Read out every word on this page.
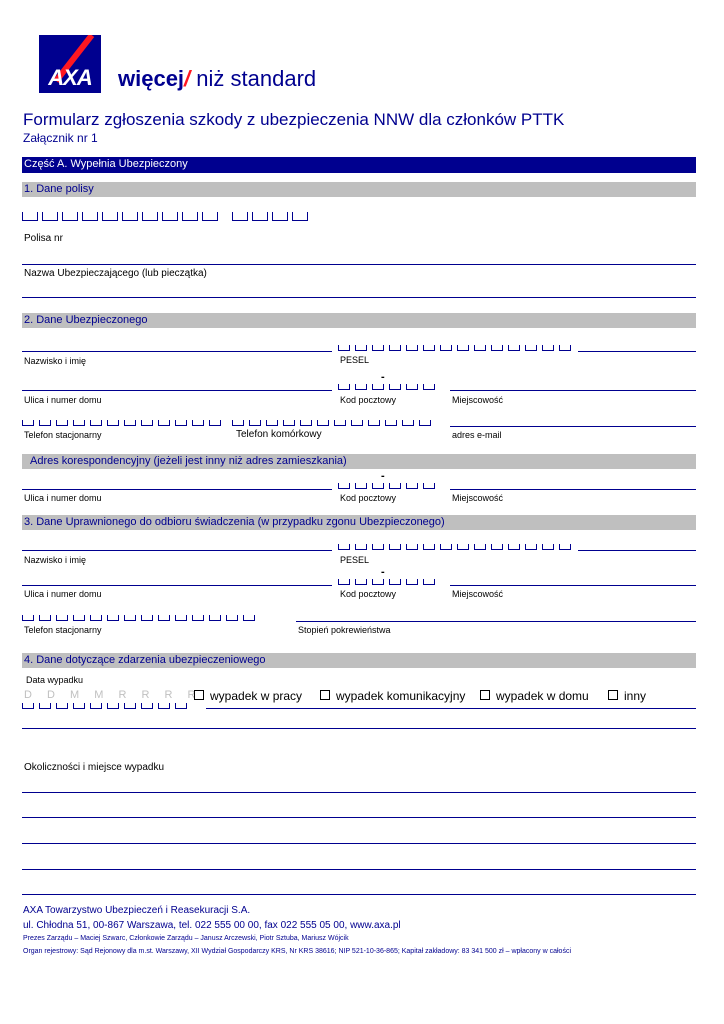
AXA	więcej/ niż standard
Formularz zgłoszenia szkody z ubezpieczenia NNW dla członków PTTK
Załącznik nr 1
Część A. Wypełnia Ubezpieczony
1. Dane polisy
Polisa nr
Nazwa Ubezpieczającego (lub pieczątka)
2. Dane Ubezpieczonego
Nazwisko i imię	PESEL
-
Ulica i numer domu	Kod pocztowy	Miejscowość
Telefon stacjonarny	Telefon komórkowy	adres e-mail
Adres korespondencyjny (jeżeli jest inny niż adres zamieszkania)
-
Ulica i numer domu	Kod pocztowy	Miejscowość
3. Dane Uprawnionego do odbioru świadczenia (w przypadku zgonu Ubezpieczonego)
Nazwisko i imię	PESEL
-
Ulica i numer domu	Kod pocztowy	Miejscowość
Telefon stacjonarny	Stopień pokrewieństwa
4. Dane dotyczące zdarzenia ubezpieczeniowego
Data wypadku
D D M M R R R R wypadek w pracy	wypadek komunikacyjny	wypadek w domu	inny
Okoliczności i miejsce wypadku
AXA Towarzystwo Ubezpieczeń i Reasekuracji S.A.
ul. Chłodna 51, 00-867 Warszawa, tel. 022 555 00 00, fax 022 555 05 00, www.axa.pl
Prezes Zarządu – Maciej Szwarc, Członkowie Zarządu – Janusz Arczewski, Piotr Sztuba, Mariusz Wójcik
Organ rejestrowy: Sąd Rejonowy dla m.st. Warszawy, XII Wydział Gospodarczy KRS, Nr KRS 38616; NIP 521-10-36-865; Kapitał zakładowy: 83 341 500 zł – wpłacony w całości
